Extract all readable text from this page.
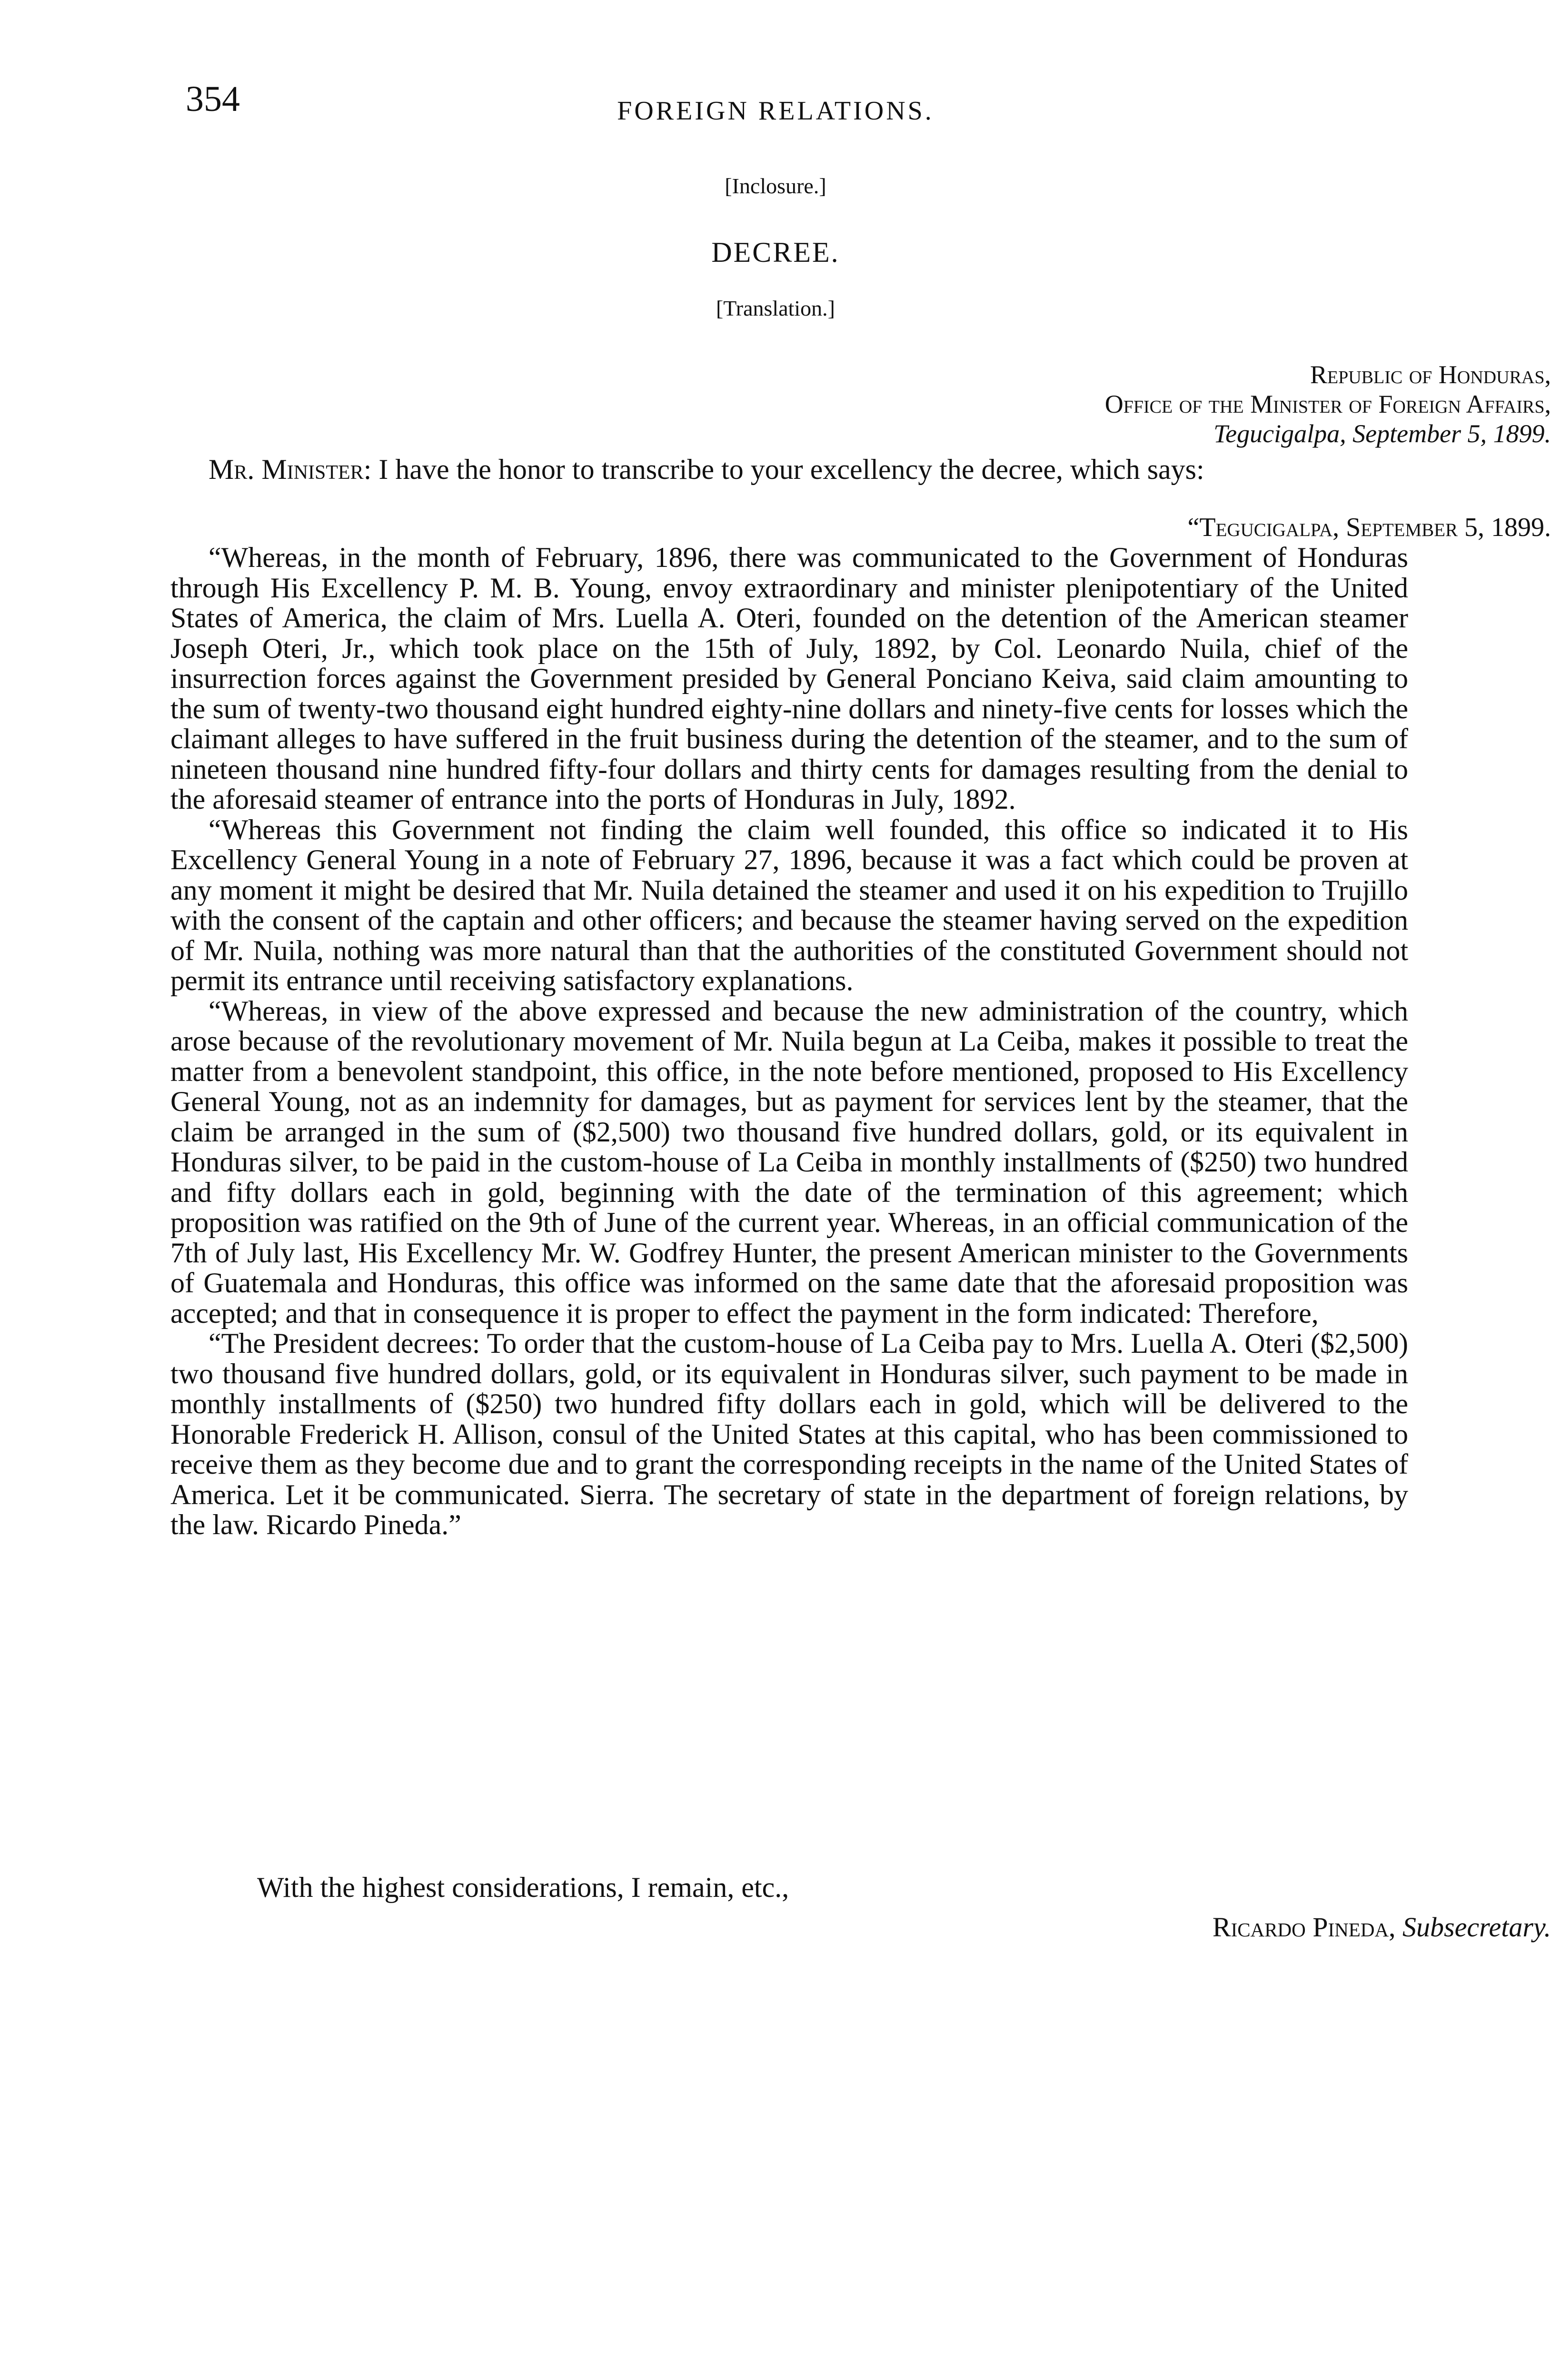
354	FOREIGN RELATIONS.
[Inclosure.]
DECREE.
[Translation.]
Republic of Honduras,
Office of the Minister of Foreign Affairs,
Tegucigalpa, September 5, 1899.

Mr. Minister: I have the honor to transcribe to your excellency the decree, which says:

“Tegucigalpa, September 5, 1899.

“Whereas, in the month of February, 1896, there was communicated to the Government of Honduras through His Excellency P. M. B. Young, envoy extraordinary and minister plenipotentiary of the United States of America, the claim of Mrs. Luella A. Oteri, founded on the detention of the American steamer Joseph Oteri, Jr., which took place on the 15th of July, 1892, by Col. Leonardo Nuila, chief of the insurrection forces against the Government presided by General Ponciano Keiva, said claim amounting to the sum of twenty-two thousand eight hundred eighty-nine dollars and ninety-five cents for losses which the claimant alleges to have suffered in the fruit business during the detention of the steamer, and to the sum of nineteen thousand nine hundred fifty-four dollars and thirty cents for damages resulting from the denial to the aforesaid steamer of entrance into the ports of Honduras in July, 1892.

“Whereas this Government not finding the claim well founded, this office so indicated it to His Excellency General Young in a note of February 27, 1896, because it was a fact which could be proven at any moment it might be desired that Mr. Nuila detained the steamer and used it on his expedition to Trujillo with the consent of the captain and other officers; and because the steamer having served on the expedition of Mr. Nuila, nothing was more natural than that the authorities of the constituted Government should not permit its entrance until receiving satisfactory explanations.

“Whereas, in view of the above expressed and because the new administration of the country, which arose because of the revolutionary movement of Mr. Nuila begun at La Ceiba, makes it possible to treat the matter from a benevolent standpoint, this office, in the note before mentioned, proposed to His Excellency General Young, not as an indemnity for damages, but as payment for services lent by the steamer, that the claim be arranged in the sum of ($2,500) two thousand five hundred dollars, gold, or its equivalent in Honduras silver, to be paid in the custom-house of La Ceiba in monthly installments of ($250) two hundred and fifty dollars each in gold, beginning with the date of the termination of this agreement; which proposition was ratified on the 9th of June of the current year. Whereas, in an official communication of the 7th of July last, His Excellency Mr. W. Godfrey Hunter, the present American minister to the Governments of Guatemala and Honduras, this office was informed on the same date that the aforesaid proposition was accepted; and that in consequence it is proper to effect the payment in the form indicated: Therefore,

“The President decrees: To order that the custom-house of La Ceiba pay to Mrs. Luella A. Oteri ($2,500) two thousand five hundred dollars, gold, or its equivalent in Honduras silver, such payment to be made in monthly installments of ($250) two hundred fifty dollars each in gold, which will be delivered to the Honorable Frederick H. Allison, consul of the United States at this capital, who has been commissioned to receive them as they become due and to grant the corresponding receipts in the name of the United States of America. Let it be communicated. Sierra. The secretary of state in the department of foreign relations, by the law. Ricardo Pineda.”

With the highest considerations, I remain, etc.,
Ricardo Pineda, Subsecretary.
